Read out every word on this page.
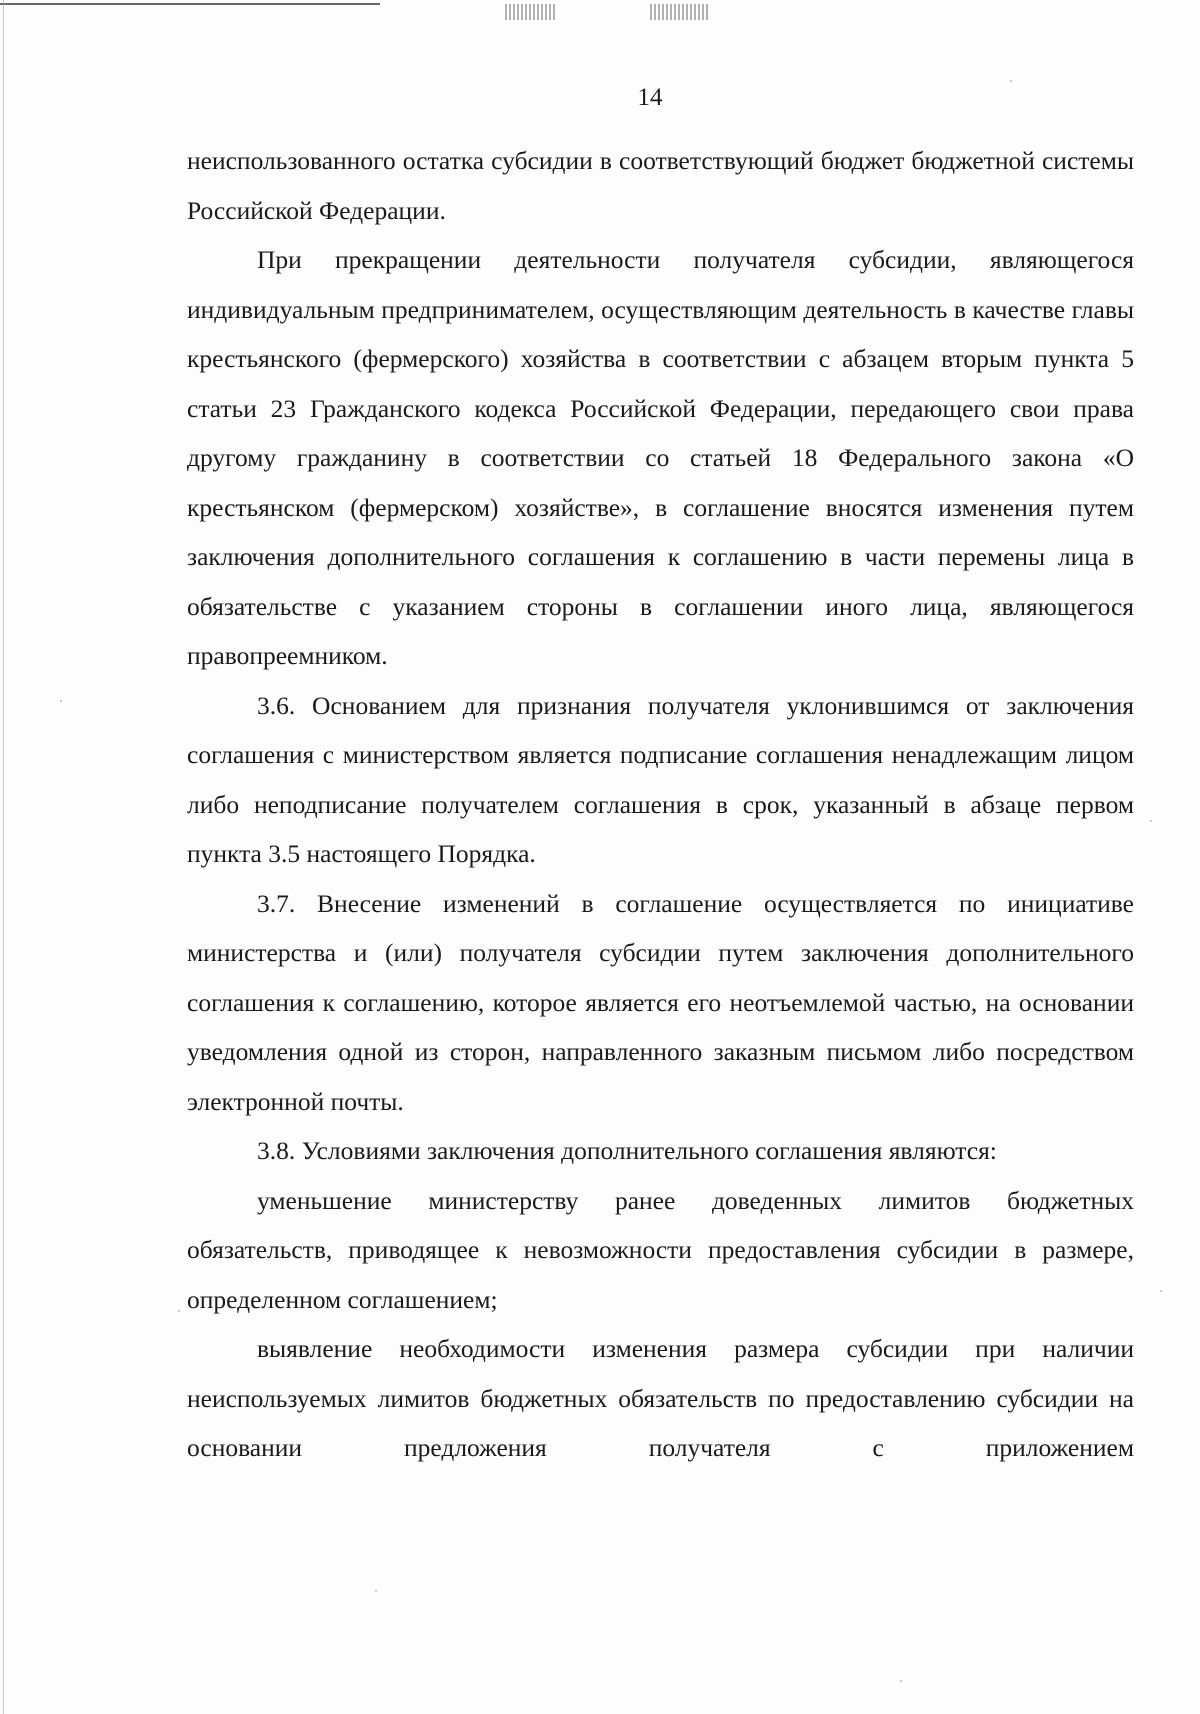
14

неиспользованного остатка субсидии в соответствующий бюджет бюджетной системы Российской Федерации.

При прекращении деятельности получателя субсидии, являющегося индивидуальным предпринимателем, осуществляющим деятельность в качестве главы крестьянского (фермерского) хозяйства в соответствии с абзацем вторым пункта 5 статьи 23 Гражданского кодекса Российской Федерации, передающего свои права другому гражданину в соответствии со статьей 18 Федерального закона «О крестьянском (фермерском) хозяйстве», в соглашение вносятся изменения путем заключения дополнительного соглашения к соглашению в части перемены лица в обязательстве с указанием стороны в соглашении иного лица, являющегося правопреемником.

3.6. Основанием для признания получателя уклонившимся от заключения соглашения с министерством является подписание соглашения ненадлежащим лицом либо неподписание получателем соглашения в срок, указанный в абзаце первом пункта 3.5 настоящего Порядка.

3.7. Внесение изменений в соглашение осуществляется по инициативе министерства и (или) получателя субсидии путем заключения дополнительного соглашения к соглашению, которое является его неотъемлемой частью, на основании уведомления одной из сторон, направленного заказным письмом либо посредством электронной почты.

3.8. Условиями заключения дополнительного соглашения являются:

уменьшение министерству ранее доведенных лимитов бюджетных обязательств, приводящее к невозможности предоставления субсидии в размере, определенном соглашением;

выявление необходимости изменения размера субсидии при наличии неиспользуемых лимитов бюджетных обязательств по предоставлению субсидии на основании предложения получателя с приложением
